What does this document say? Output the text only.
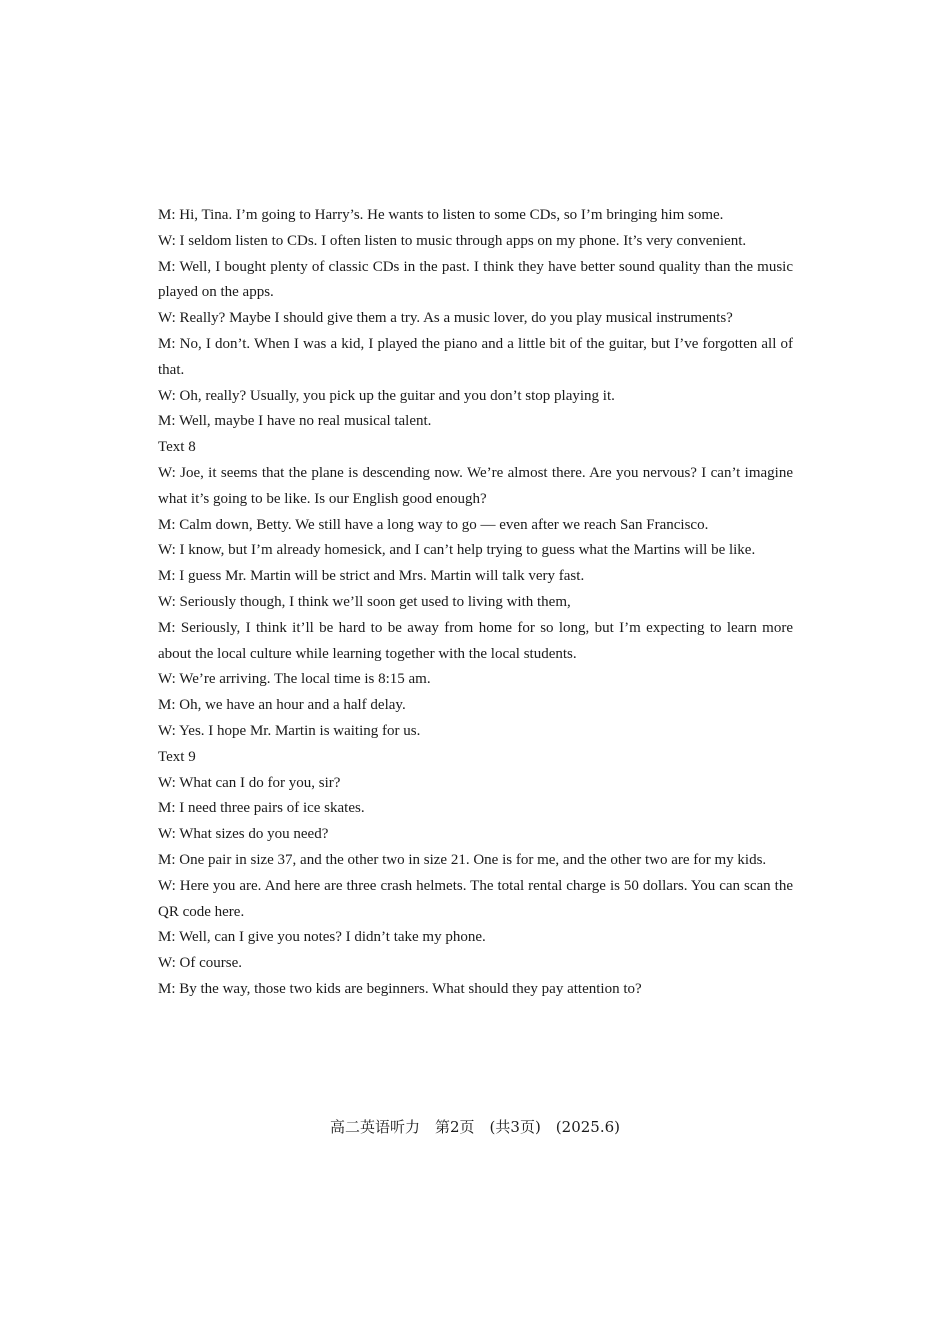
M: Hi, Tina. I’m going to Harry’s. He wants to listen to some CDs, so I’m bringing him some.

W: I seldom listen to CDs. I often listen to music through apps on my phone. It’s very convenient.

M: Well, I bought plenty of classic CDs in the past. I think they have better sound quality than the music played on the apps.

W: Really? Maybe I should give them a try. As a music lover, do you play musical instruments?

M: No, I don’t. When I was a kid, I played the piano and a little bit of the guitar, but I’ve forgotten all of that.

W: Oh, really? Usually, you pick up the guitar and you don’t stop playing it.

M: Well, maybe I have no real musical talent.

Text 8

W: Joe, it seems that the plane is descending now. We’re almost there. Are you nervous? I can’t imagine what it’s going to be like. Is our English good enough?

M: Calm down, Betty. We still have a long way to go — even after we reach San Francisco.

W: I know, but I’m already homesick, and I can’t help trying to guess what the Martins will be like.

M: I guess Mr. Martin will be strict and Mrs. Martin will talk very fast.

W: Seriously though, I think we’ll soon get used to living with them,

M: Seriously, I think it’ll be hard to be away from home for so long, but I’m expecting to learn more about the local culture while learning together with the local students.

W: We’re arriving. The local time is 8:15 am.

M: Oh, we have an hour and a half delay.

W: Yes. I hope Mr. Martin is waiting for us.

Text 9

W: What can I do for you, sir?

M: I need three pairs of ice skates.

W: What sizes do you need?

M: One pair in size 37, and the other two in size 21. One is for me, and the other two are for my kids.

W: Here you are. And here are three crash helmets. The total rental charge is 50 dollars. You can scan the QR code here.

M: Well, can I give you notes? I didn’t take my phone.

W: Of course.

M: By the way, those two kids are beginners. What should they pay attention to?

高二英语听力　第2页　(共3页)　(2025.6)
